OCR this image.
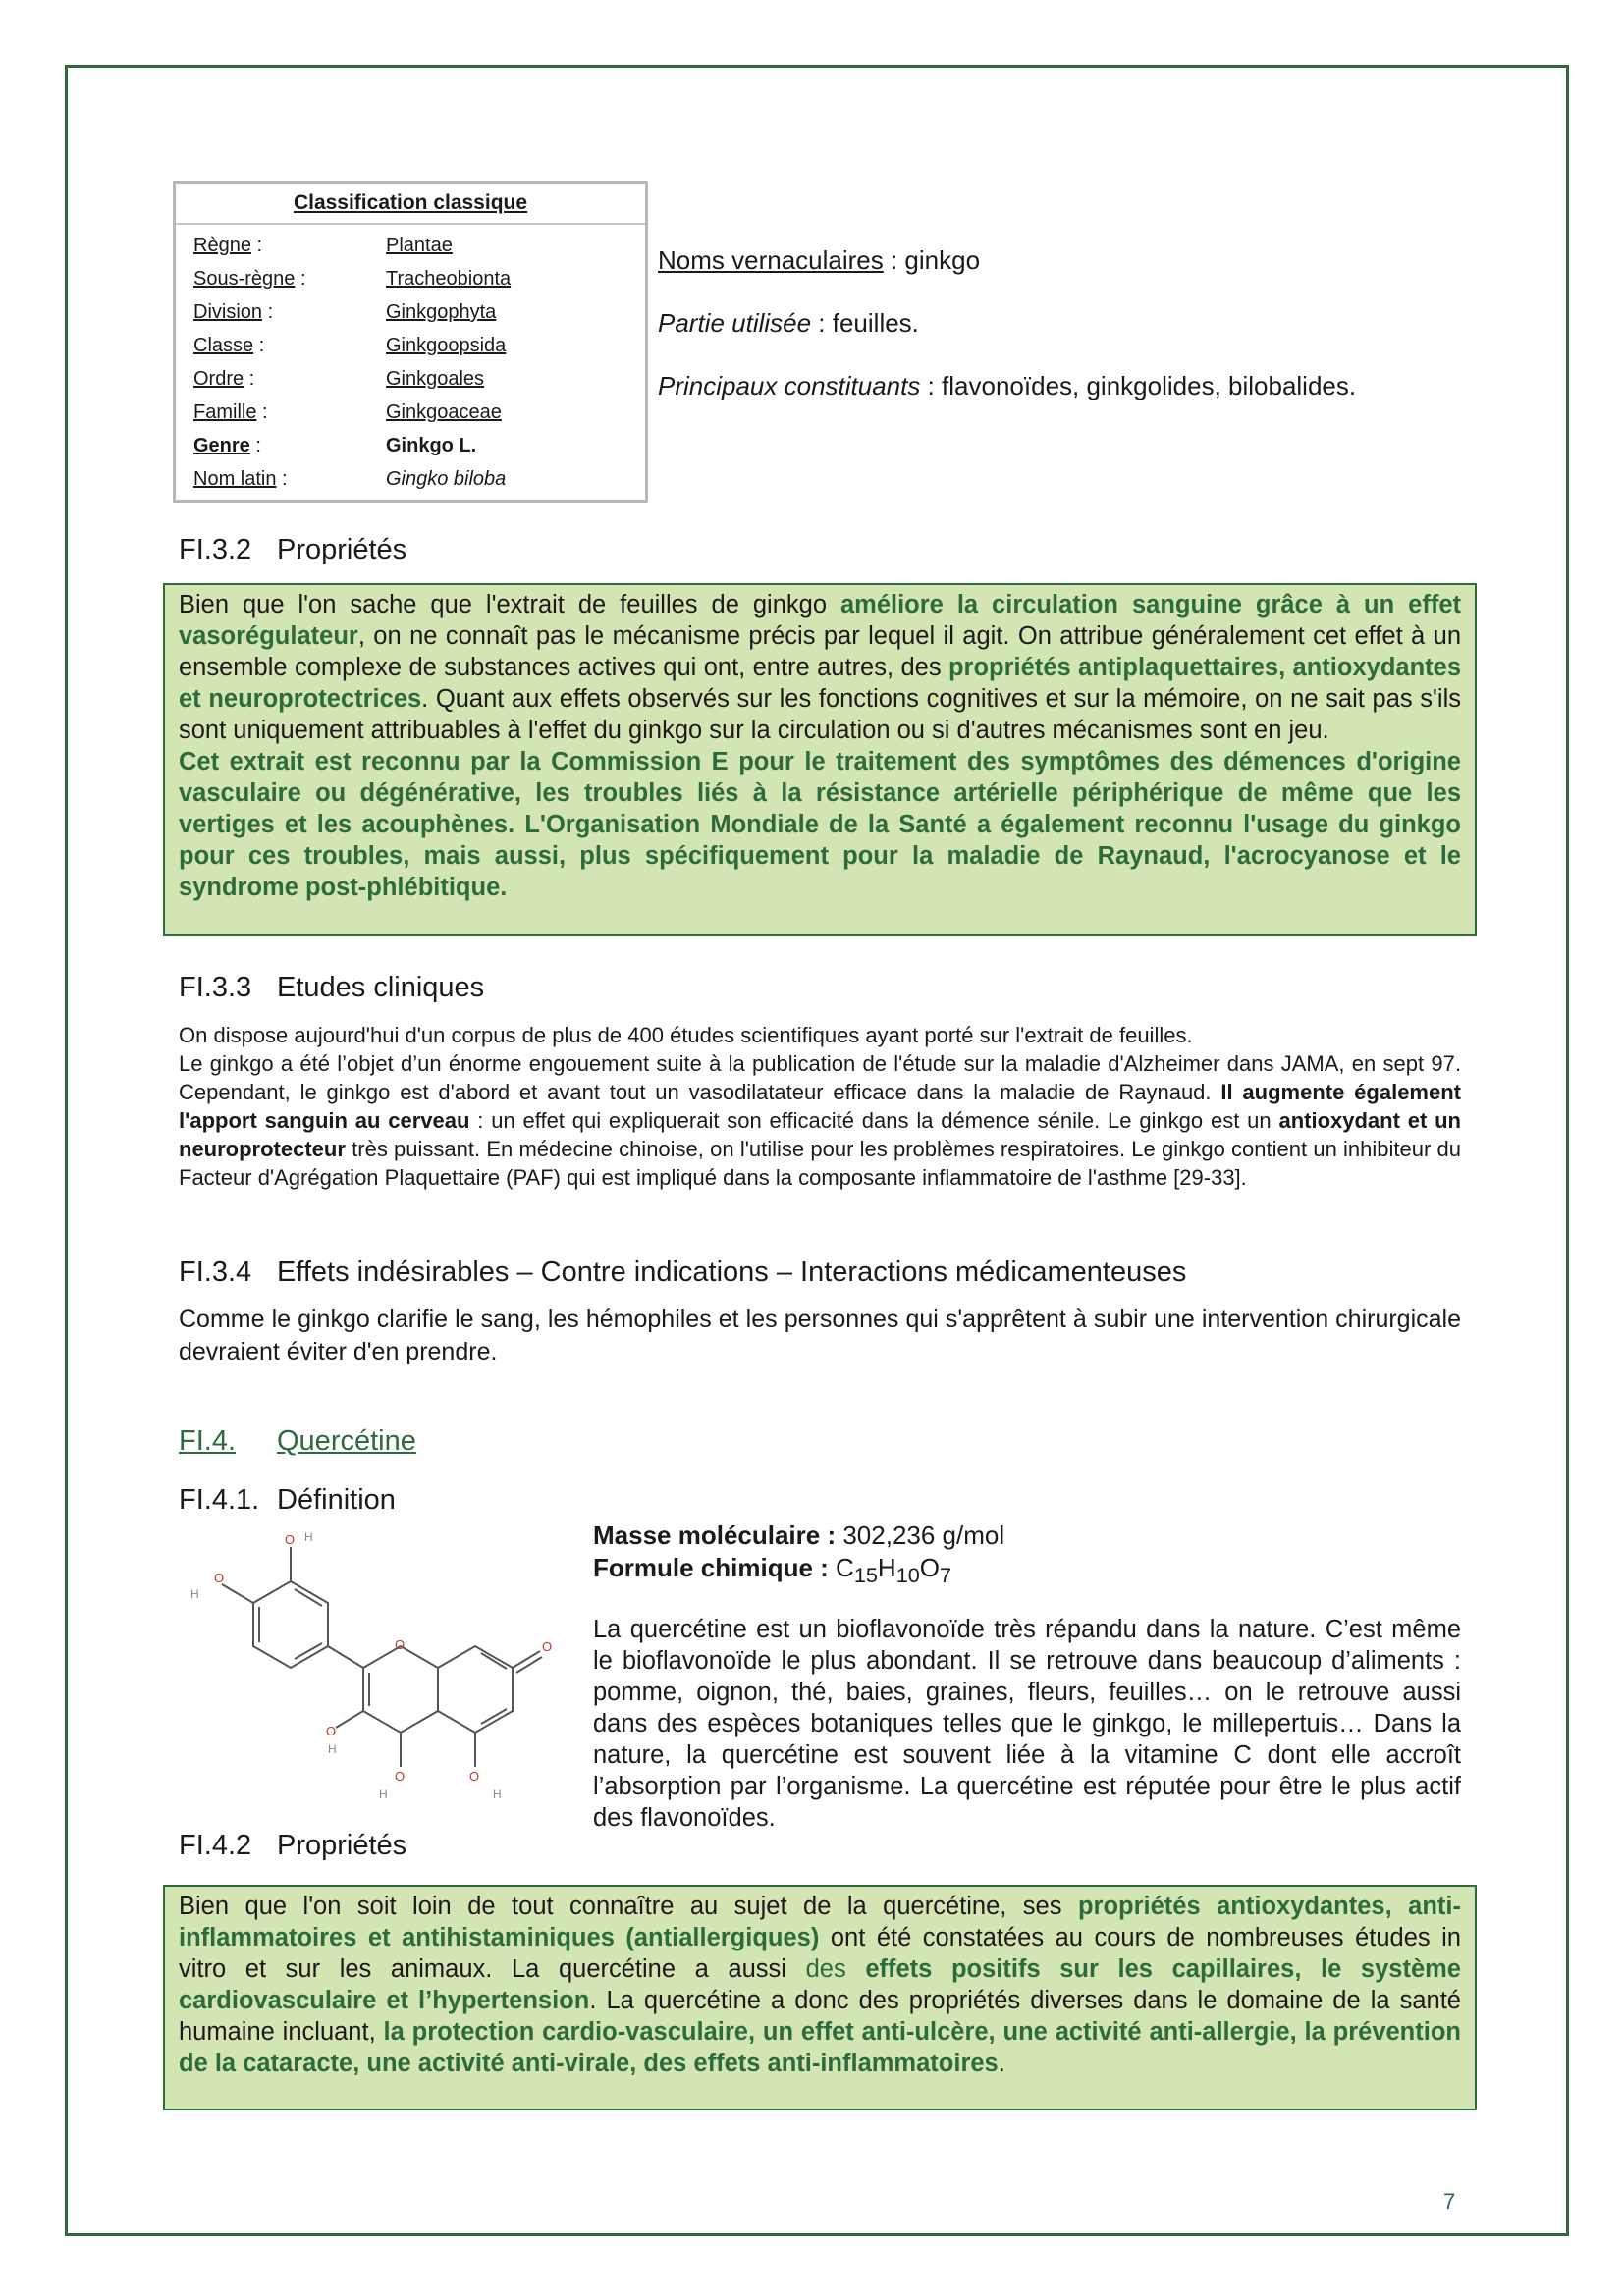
Classification classique
Règne :	Plantae
Sous-règne :	Tracheobionta
Division :	Ginkgophyta
Classe :	Ginkgoopsida
Ordre :	Ginkgoales
Famille :	Ginkgoaceae
Genre :	Ginkgo L.
Nom latin :	Gingko biloba
Noms vernaculaires : ginkgo
Partie utilisée : feuilles.
Principaux constituants : flavonoïdes, ginkgolides, bilobalides.
FI.3.2 Propriétés
Bien que l'on sache que l'extrait de feuilles de ginkgo améliore la circulation sanguine grâce à un effet vasorégulateur, on ne connaît pas le mécanisme précis par lequel il agit. On attribue généralement cet effet à un ensemble complexe de substances actives qui ont, entre autres, des propriétés antiplaquettaires, antioxydantes et neuroprotectrices. Quant aux effets observés sur les fonctions cognitives et sur la mémoire, on ne sait pas s'ils sont uniquement attribuables à l'effet du ginkgo sur la circulation ou si d'autres mécanismes sont en jeu.
Cet extrait est reconnu par la Commission E pour le traitement des symptômes des démences d'origine vasculaire ou dégénérative, les troubles liés à la résistance artérielle périphérique de même que les vertiges et les acouphènes. L'Organisation Mondiale de la Santé a également reconnu l'usage du ginkgo pour ces troubles, mais aussi, plus spécifiquement pour la maladie de Raynaud, l'acrocyanose et le syndrome post-phlébitique.
FI.3.3 Etudes cliniques
On dispose aujourd'hui d'un corpus de plus de 400 études scientifiques ayant porté sur l'extrait de feuilles.
Le ginkgo a été l’objet d’un énorme engouement suite à la publication de l'étude sur la maladie d'Alzheimer dans JAMA, en sept 97. Cependant, le ginkgo est d'abord et avant tout un vasodilatateur efficace dans la maladie de Raynaud. Il augmente également l'apport sanguin au cerveau : un effet qui expliquerait son efficacité dans la démence sénile. Le ginkgo est un antioxydant et un neuroprotecteur très puissant. En médecine chinoise, on l'utilise pour les problèmes respiratoires. Le ginkgo contient un inhibiteur du Facteur d'Agrégation Plaquettaire (PAF) qui est impliqué dans la composante inflammatoire de l'asthme [29-33].
FI.3.4 Effets indésirables – Contre indications – Interactions médicamenteuses
Comme le ginkgo clarifie le sang, les hémophiles et les personnes qui s'apprêtent à subir une intervention chirurgicale devraient éviter d'en prendre.
FI.4. Quercétine
FI.4.1. Définition
O
O
O
O
O	O
O
H
H
H
H	H
Masse moléculaire : 302,236 g/mol
Formule chimique : $C_{15}H_{10}O_7$
La quercétine est un bioflavonoïde très répandu dans la nature. C’est même le bioflavonoïde le plus abondant. Il se retrouve dans beaucoup d’aliments : pomme, oignon, thé, baies, graines, fleurs, feuilles… on le retrouve aussi dans des espèces botaniques telles que le ginkgo, le millepertuis… Dans la nature, la quercétine est souvent liée à la vitamine C dont elle accroît l’absorption par l’organisme. La quercétine est réputée pour être le plus actif des flavonoïdes.
FI.4.2 Propriétés
Bien que l'on soit loin de tout connaître au sujet de la quercétine, ses propriétés antioxydantes, anti-inflammatoires et antihistaminiques (antiallergiques) ont été constatées au cours de nombreuses études in vitro et sur les animaux. La quercétine a aussi des effets positifs sur les capillaires, le système cardiovasculaire et l’hypertension. La quercétine a donc des propriétés diverses dans le domaine de la santé humaine incluant, la protection cardio-vasculaire, un effet anti-ulcère, une activité anti-allergie, la prévention de la cataracte, une activité anti-virale, des effets anti-inflammatoires.
7
